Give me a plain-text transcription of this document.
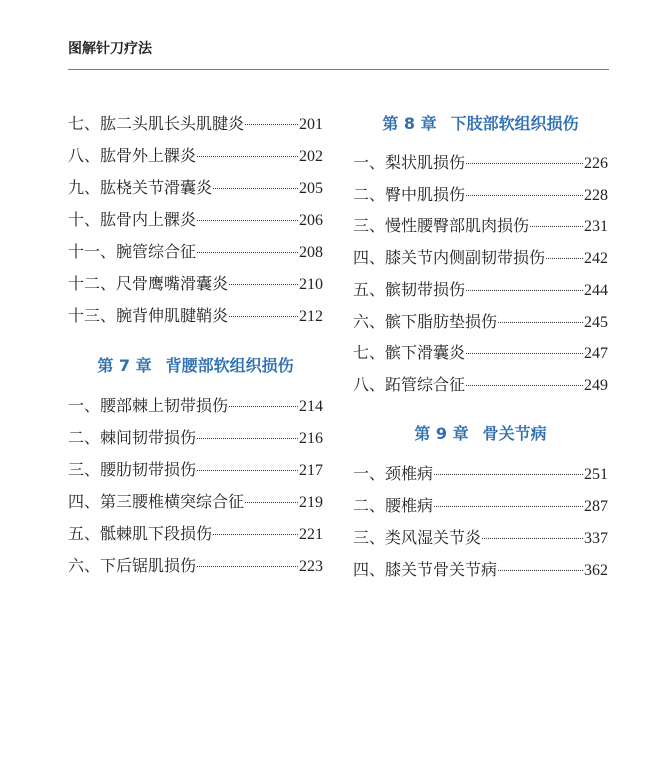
图解针刀疗法
七、肱二头肌长头肌腱炎	201
八、肱骨外上髁炎	202
九、肱桡关节滑囊炎	205
十、肱骨内上髁炎	206
十一、腕管综合征	208
十二、尺骨鹰嘴滑囊炎	210
十三、腕背伸肌腱鞘炎	212
第 7 章 背腰部软组织损伤
一、腰部棘上韧带损伤	214
二、棘间韧带损伤	216
三、腰肋韧带损伤	217
四、第三腰椎横突综合征	219
五、骶棘肌下段损伤	221
六、下后锯肌损伤	223
第 8 章 下肢部软组织损伤
一、梨状肌损伤	226
二、臀中肌损伤	228
三、慢性腰臀部肌肉损伤	231
四、膝关节内侧副韧带损伤 242
五、髌韧带损伤	244
六、髌下脂肪垫损伤	245
七、髌下滑囊炎	247
八、跖管综合征	249
第 9 章 骨关节病
一、颈椎病	251
二、腰椎病	287
三、类风湿关节炎	337
四、膝关节骨关节病	362
